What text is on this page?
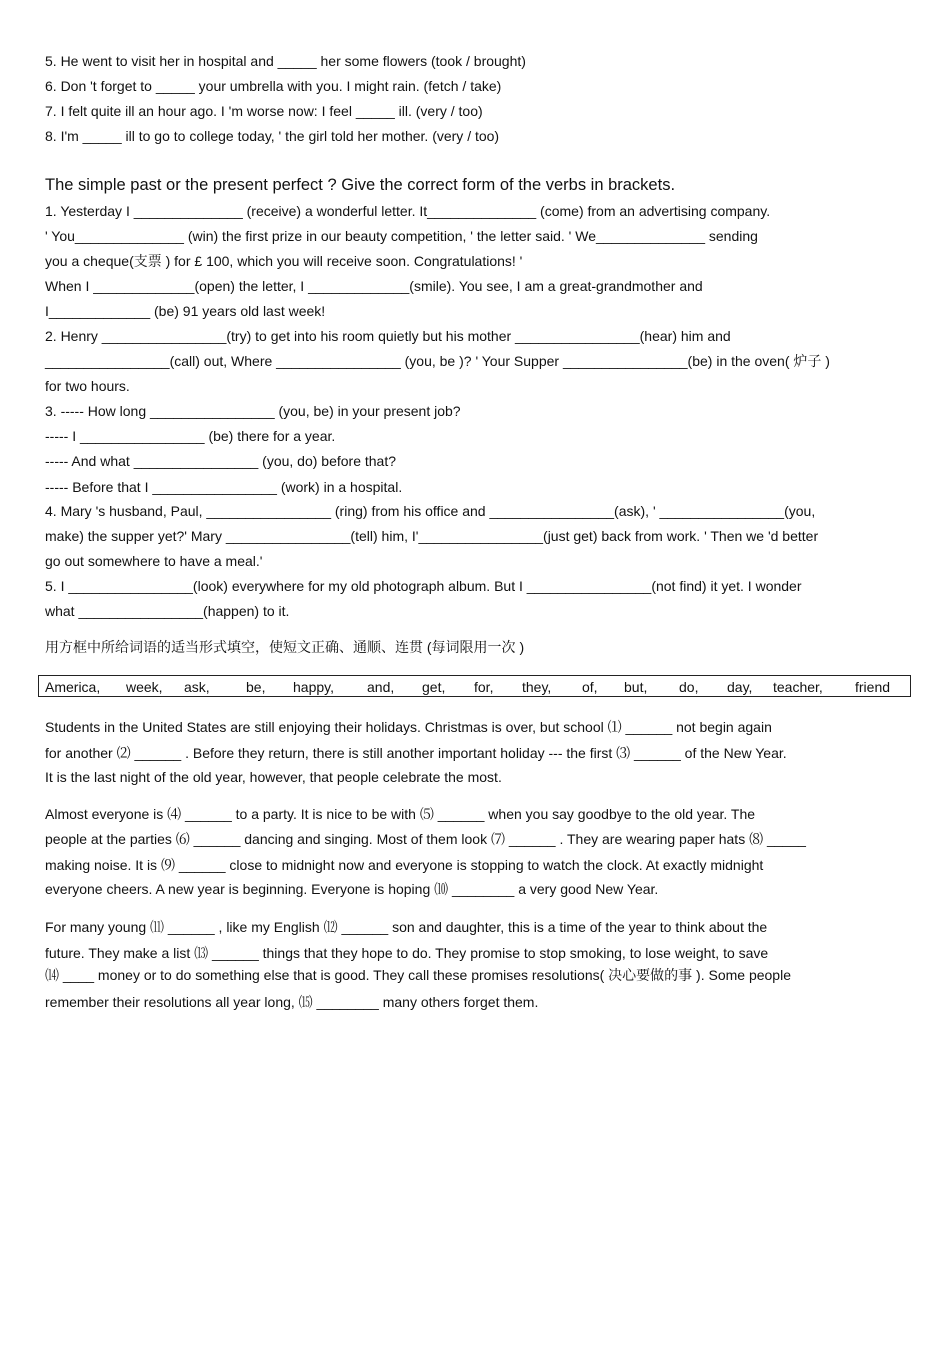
5. He went to visit her in hospital and _____ her some flowers (took / brought)
6. Don 't forget to _____ your umbrella with you. I might rain. (fetch / take)
7. I felt quite ill an hour ago. I 'm worse now: I feel _____ ill. (very / too)
8. I'm _____ ill to go to college today, ' the girl told her mother. (very / too)
The simple past or the present perfect ? Give the correct form of the verbs in brackets.
1. Yesterday I ______________ (receive) a wonderful letter. It______________ (come) from an advertising company.
' You______________ (win) the first prize in our beauty competition, ' the letter said. ' We______________ sending
you a cheque(支票 ) for £ 100, which you will receive soon. Congratulations! '
When I _____________(open) the letter, I _____________(smile). You see, I am a great-grandmother and
I_____________ (be) 91 years old last week!
2. Henry ________________(try) to get into his room quietly but his mother ________________(hear) him and
________________(call) out, Where ________________ (you, be )? ' Your Supper ________________(be) in the oven( 炉子 )
for two hours.
3. ----- How long ________________ (you, be) in your present job?
----- I ________________ (be) there for a year.
----- And what ________________ (you, do) before that?
----- Before that I ________________ (work) in a hospital.
4. Mary 's husband, Paul, ________________ (ring) from his office and ________________(ask), ' ________________(you,
make) the supper yet?' Mary ________________(tell) him, I'________________(just get) back from work. ' Then we 'd better
go out somewhere to have a meal.'
5. I ________________(look) everywhere for my old photograph album. But I ________________(not find) it yet. I wonder
what ________________(happen) to it.
用方框中所给词语的适当形式填空，使短文正确、通顺、连贯 (每词限用一次 )
America, week, ask,	be, happy, and, get, for, they, of, but, do, day, teacher, friend
Students in the United States are still enjoying their holidays. Christmas is over, but school ⑴ ______ not begin again
for another ⑵ ______ . Before they return, there is still another important holiday --- the first ⑶ ______ of the New Year.
It is the last night of the old year, however, that people celebrate the most.
Almost everyone is ⑷ ______ to a party. It is nice to be with ⑸ ______ when you say goodbye to the old year. The
people at the parties ⑹ ______ dancing and singing. Most of them look ⑺ ______ . They are wearing paper hats ⑻ _____
making noise. It is ⑼ ______ close to midnight now and everyone is stopping to watch the clock. At exactly midnight
everyone cheers. A new year is beginning. Everyone is hoping ⑽ ________ a very good New Year.
For many young ⑾ ______ , like my English ⑿ ______ son and daughter, this is a time of the year to think about the
future. They make a list ⒀ ______ things that they hope to do. They promise to stop smoking, to lose weight, to save
⒁ ____ money or to do something else that is good. They call these promises resolutions( 决心要做的事 ). Some people
remember their resolutions all year long, ⒂ ________ many others forget them.
